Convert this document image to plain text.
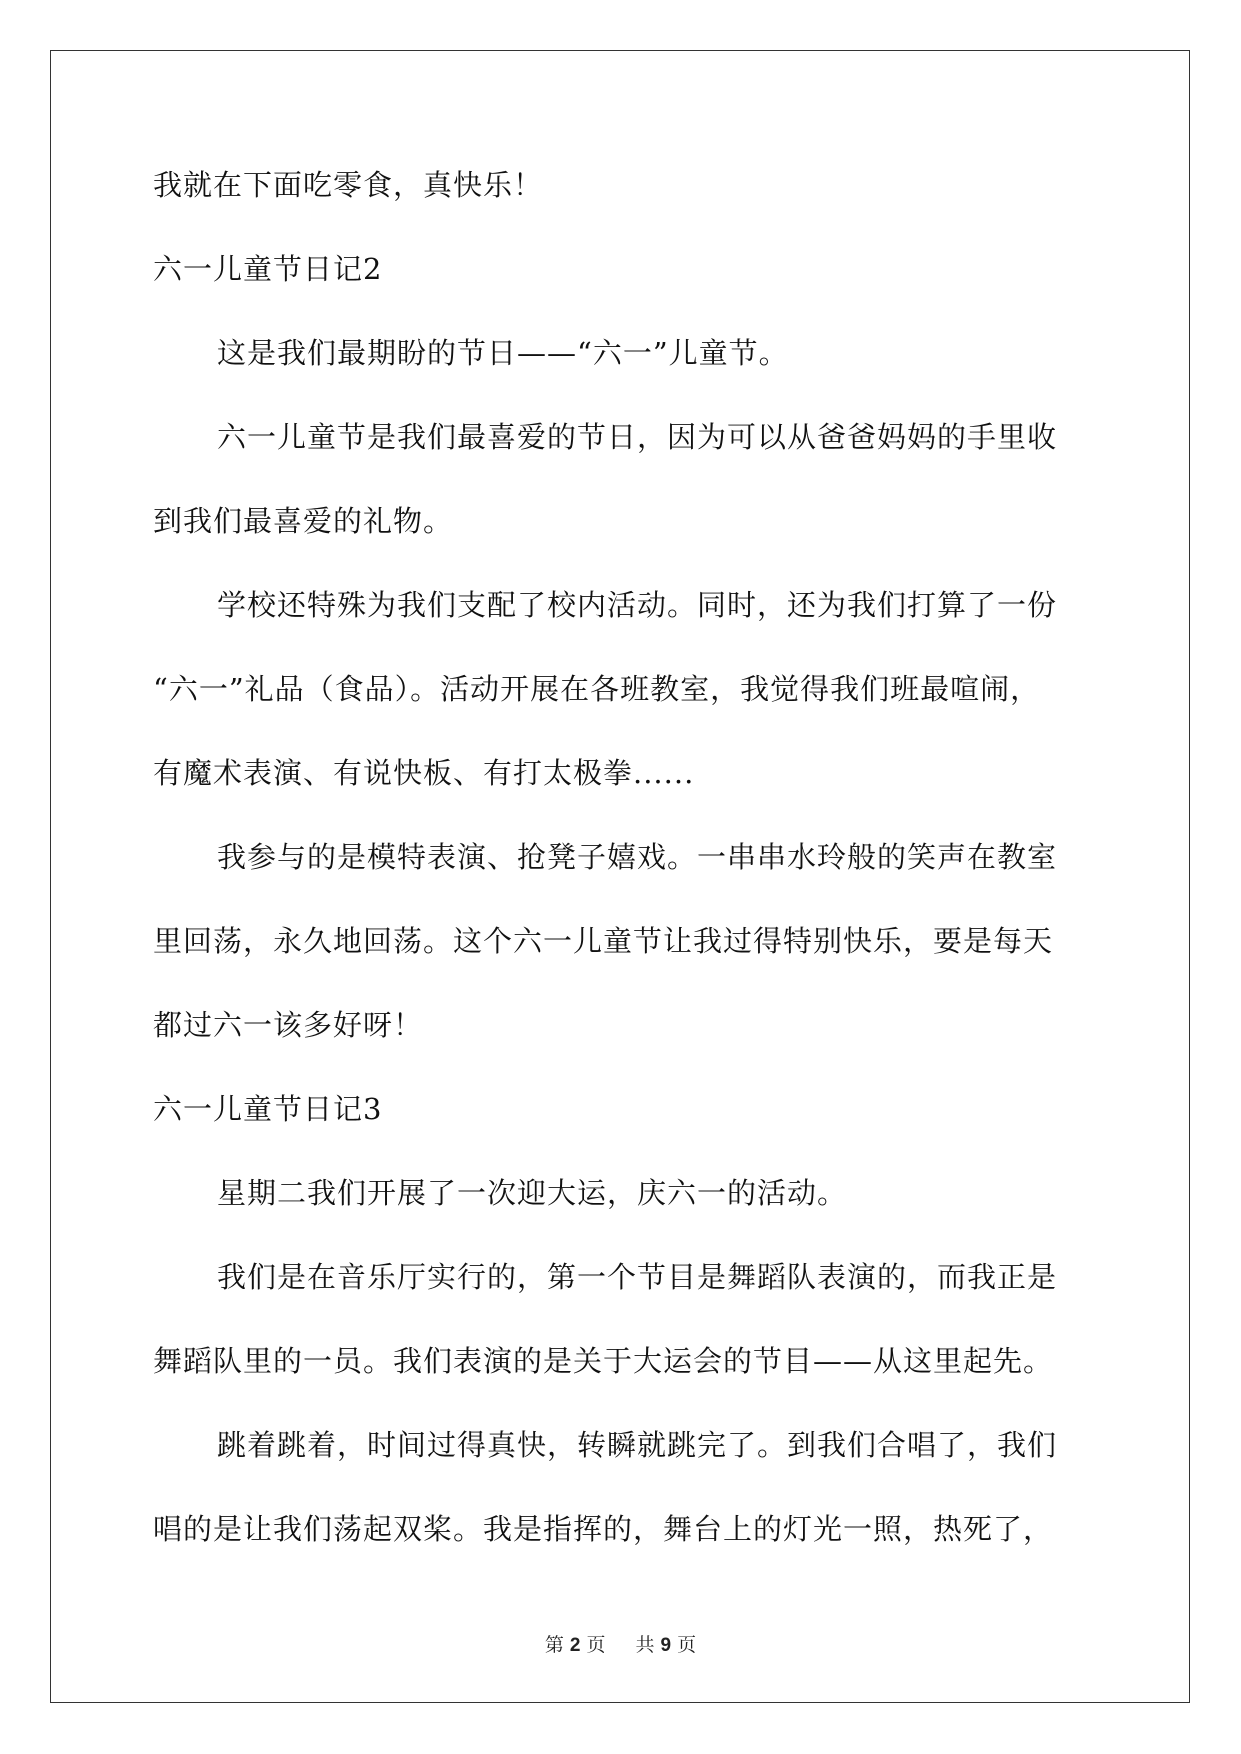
我就在下面吃零食，真快乐！
六一儿童节日记2
这是我们最期盼的节日——“六一”儿童节。
六一儿童节是我们最喜爱的节日，因为可以从爸爸妈妈的手里收
到我们最喜爱的礼物。
学校还特殊为我们支配了校内活动。同时，还为我们打算了一份
“六一”礼品（食品）。活动开展在各班教室，我觉得我们班最喧闹，
有魔术表演、有说快板、有打太极拳......
我参与的是模特表演、抢凳子嬉戏。一串串水玲般的笑声在教室
里回荡，永久地回荡。这个六一儿童节让我过得特别快乐，要是每天
都过六一该多好呀！
六一儿童节日记3
星期二我们开展了一次迎大运，庆六一的活动。
我们是在音乐厅实行的，第一个节目是舞蹈队表演的，而我正是
舞蹈队里的一员。我们表演的是关于大运会的节目——从这里起先。
跳着跳着，时间过得真快，转瞬就跳完了。到我们合唱了，我们
唱的是让我们荡起双桨。我是指挥的，舞台上的灯光一照，热死了，
第 2 页 共 9 页
